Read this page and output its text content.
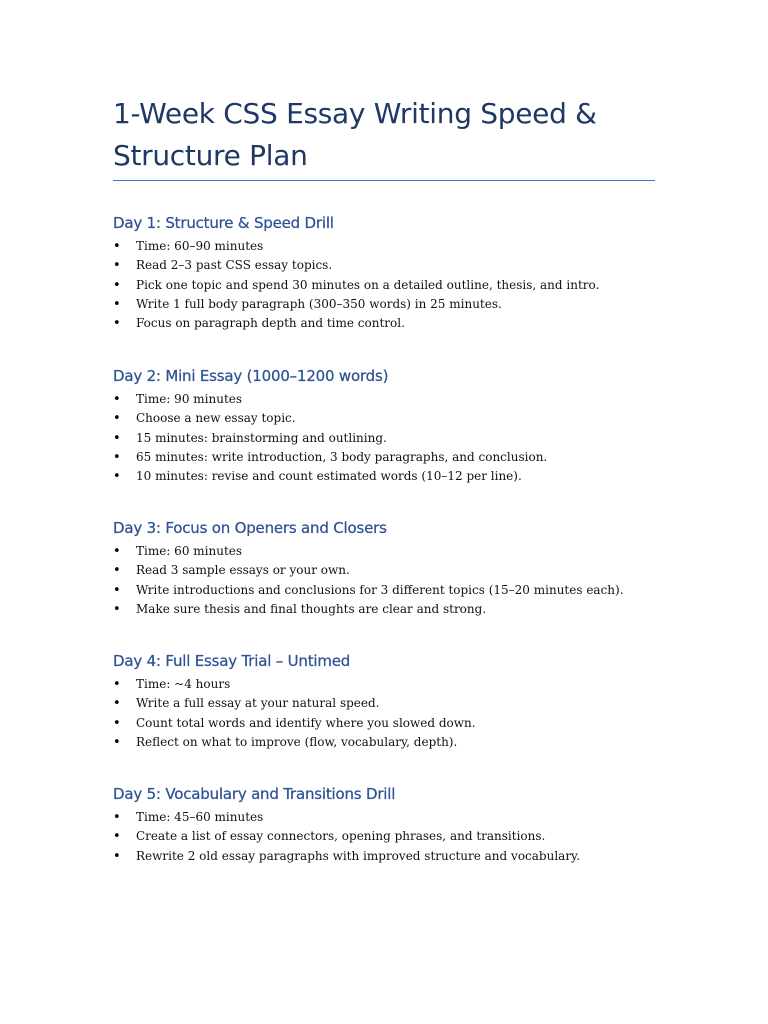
1-Week CSS Essay Writing Speed & Structure Plan
Day 1: Structure & Speed Drill
• Time: 60–90 minutes
• Read 2–3 past CSS essay topics.
• Pick one topic and spend 30 minutes on a detailed outline, thesis, and intro.
• Write 1 full body paragraph (300–350 words) in 25 minutes.
• Focus on paragraph depth and time control.
Day 2: Mini Essay (1000–1200 words)
• Time: 90 minutes
• Choose a new essay topic.
• 15 minutes: brainstorming and outlining.
• 65 minutes: write introduction, 3 body paragraphs, and conclusion.
• 10 minutes: revise and count estimated words (10–12 per line).
Day 3: Focus on Openers and Closers
• Time: 60 minutes
• Read 3 sample essays or your own.
• Write introductions and conclusions for 3 different topics (15–20 minutes each).
• Make sure thesis and final thoughts are clear and strong.
Day 4: Full Essay Trial – Untimed
• Time: ~4 hours
• Write a full essay at your natural speed.
• Count total words and identify where you slowed down.
• Reflect on what to improve (flow, vocabulary, depth).
Day 5: Vocabulary and Transitions Drill
• Time: 45–60 minutes
• Create a list of essay connectors, opening phrases, and transitions.
• Rewrite 2 old essay paragraphs with improved structure and vocabulary.
